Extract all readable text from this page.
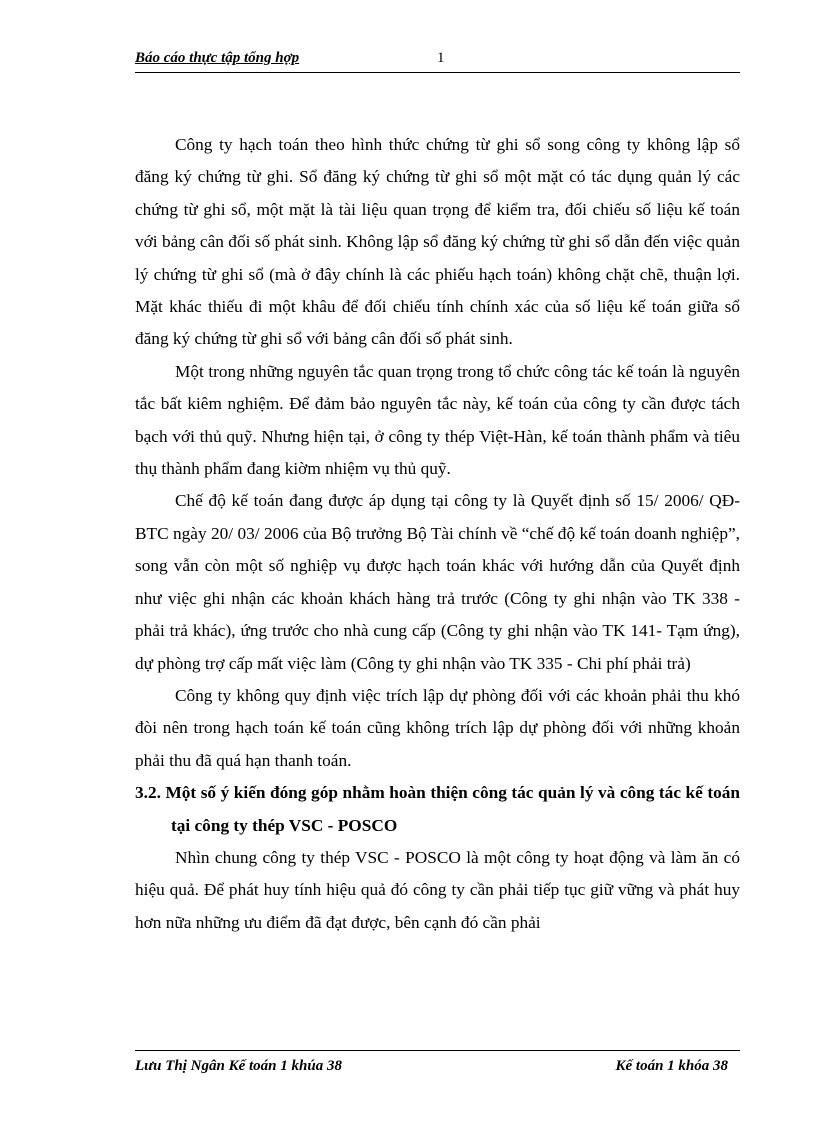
Báo cáo thực tập tổng hợp	1

Công ty hạch toán theo hình thức chứng từ ghi sổ song công ty không lập sổ đăng ký chứng từ ghi. Sổ đăng ký chứng từ ghi sổ một mặt có tác dụng quản lý các chứng từ ghi sổ, một mặt là tài liệu quan trọng để kiểm tra, đối chiếu số liệu kế toán với bảng cân đối số phát sinh. Không lập sổ đăng ký chứng từ ghi sổ dẫn đến việc quản lý chứng từ ghi sổ (mà ở đây chính là các phiếu hạch toán) không chặt chẽ, thuận lợi. Mặt khác thiếu đi một khâu để đối chiếu tính chính xác của số liệu kế toán giữa sổ đăng ký chứng từ ghi sổ với bảng cân đối số phát sinh.

Một trong những nguyên tắc quan trọng trong tổ chức công tác kế toán là nguyên tắc bất kiêm nghiệm. Để đảm bảo nguyên tắc này, kế toán của công ty cần được tách bạch với thủ quỹ. Nhưng hiện tại, ở công ty thép Việt-Hàn, kế toán thành phẩm và tiêu thụ thành phẩm đang kiờm nhiệm vụ thủ quỹ.

Chế độ kế toán đang được áp dụng tại công ty là Quyết định số 15/ 2006/ QĐ-BTC ngày 20/ 03/ 2006 của Bộ trưởng Bộ Tài chính về “chế độ kế toán doanh nghiệp”, song vẫn còn một số nghiệp vụ được hạch toán khác với hướng dẫn của Quyết định như việc ghi nhận các khoản khách hàng trả trước (Công ty ghi nhận vào TK 338 - phải trả khác), ứng trước cho nhà cung cấp (Công ty ghi nhận vào TK 141- Tạm ứng), dự phòng trợ cấp mất việc làm (Công ty ghi nhận vào TK 335 - Chi phí phải trả)

Công ty không quy định việc trích lập dự phòng đối với các khoản phải thu khó đòi nên trong hạch toán kế toán cũng không trích lập dự phòng đối với những khoản phải thu đã quá hạn thanh toán.

3.2. Một số ý kiến đóng góp nhằm hoàn thiện công tác quản lý và công tác kế toán tại công ty thép VSC - POSCO

Nhìn chung công ty thép VSC - POSCO là một công ty hoạt động và làm ăn có hiệu quả. Để phát huy tính hiệu quả đó công ty cần phải tiếp tục giữ vững và phát huy hơn nữa những ưu điểm đã đạt được, bên cạnh đó cần phải

Lưu Thị Ngân Kế toán 1 khúa 38	Kế toán 1 khóa 38
